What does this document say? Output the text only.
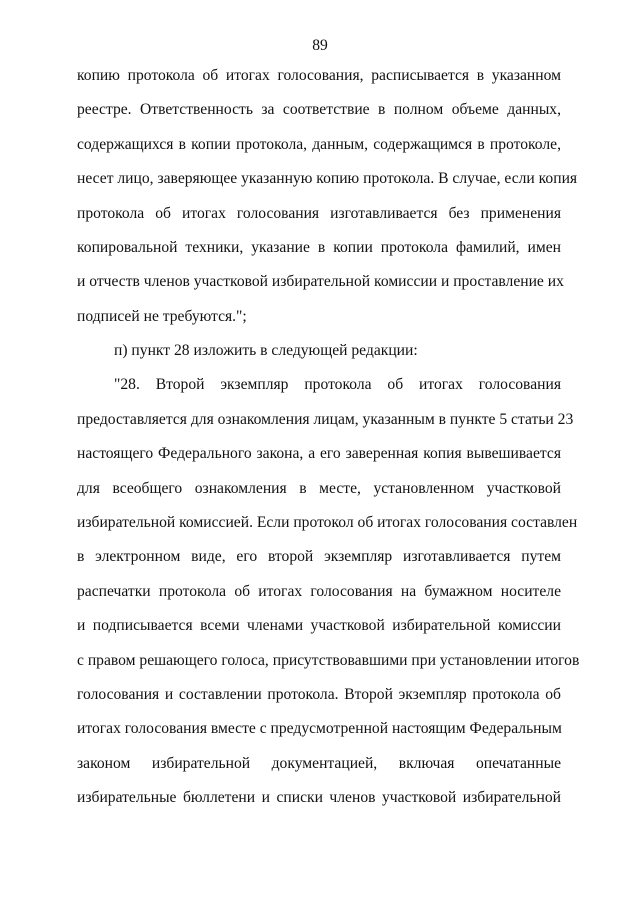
89
копию протокола об итогах голосования, расписывается в указанном
реестре. Ответственность за соответствие в полном объеме данных,
содержащихся в копии протокола, данным, содержащимся в протоколе,
несет лицо, заверяющее указанную копию протокола. В случае, если копия
протокола об итогах голосования изготавливается без применения
копировальной техники, указание в копии протокола фамилий, имен
и отчеств членов участковой избирательной комиссии и проставление их
подписей не требуются.";
п) пункт 28 изложить в следующей редакции:
"28. Второй экземпляр протокола об итогах голосования
предоставляется для ознакомления лицам, указанным в пункте 5 статьи 23
настоящего Федерального закона, а его заверенная копия вывешивается
для всеобщего ознакомления в месте, установленном участковой
избирательной комиссией. Если протокол об итогах голосования составлен
в электронном виде, его второй экземпляр изготавливается путем
распечатки протокола об итогах голосования на бумажном носителе
и подписывается всеми членами участковой избирательной комиссии
с правом решающего голоса, присутствовавшими при установлении итогов
голосования и составлении протокола. Второй экземпляр протокола об
итогах голосования вместе с предусмотренной настоящим Федеральным
законом избирательной документацией, включая опечатанные
избирательные бюллетени и списки членов участковой избирательной
